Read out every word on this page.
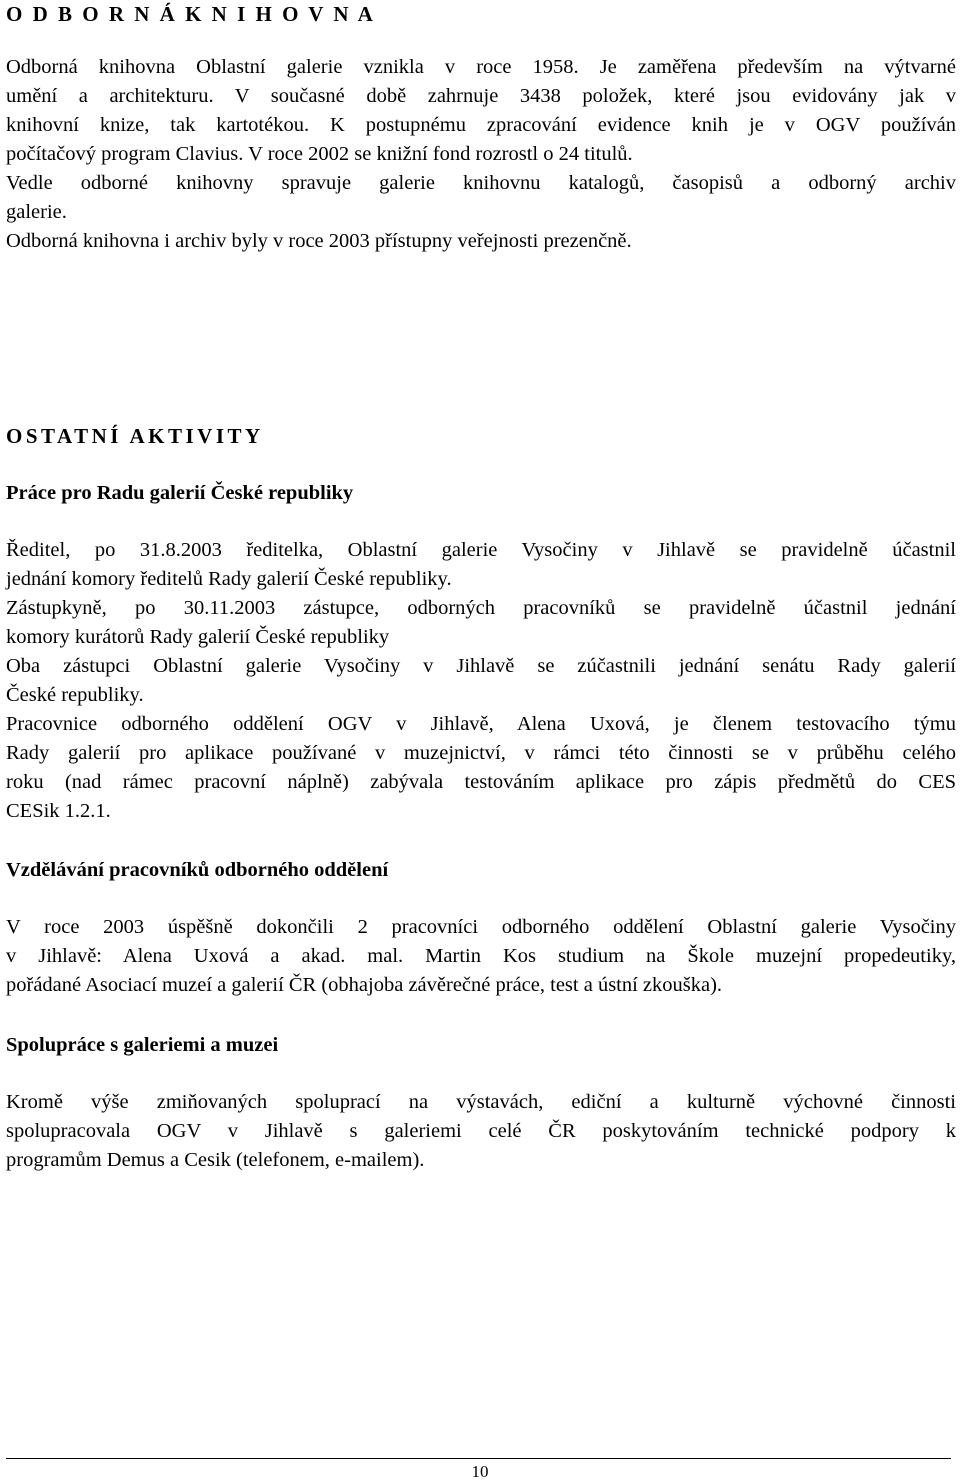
O D B O R N Á K N I H O V N A
Odborná knihovna Oblastní galerie vznikla v roce 1958. Je zaměřena především na výtvarné
umění a architekturu. V současné době zahrnuje 3438 položek, které jsou evidovány jak v
knihovní knize, tak kartotékou. K postupnému zpracování evidence knih je v OGV používán
počítačový program Clavius. V roce 2002 se knižní fond rozrostl o 24 titulů.
Vedle odborné knihovny spravuje galerie knihovnu katalogů, časopisů a odborný archiv
galerie.
Odborná knihovna i archiv byly v roce 2003 přístupny veřejnosti prezenčně.
OSTATNÍ AKTIVITY
Práce pro Radu galerií České republiky
Ředitel, po 31.8.2003 ředitelka, Oblastní galerie Vysočiny v Jihlavě se pravidelně účastnil
jednání komory ředitelů Rady galerií České republiky.
Zástupkyně, po 30.11.2003 zástupce, odborných pracovníků se pravidelně účastnil jednání
komory kurátorů Rady galerií České republiky
Oba zástupci Oblastní galerie Vysočiny v Jihlavě se zúčastnili jednání senátu Rady galerií
České republiky.
Pracovnice odborného oddělení OGV v Jihlavě, Alena Uxová, je členem testovacího týmu
Rady galerií pro aplikace používané v muzejnictví, v rámci této činnosti se v průběhu celého
roku (nad rámec pracovní náplně) zabývala testováním aplikace pro zápis předmětů do CES
CESik 1.2.1.
Vzdělávání pracovníků odborného oddělení
V roce 2003 úspěšně dokončili 2 pracovníci odborného oddělení Oblastní galerie Vysočiny
v Jihlavě: Alena Uxová a akad. mal. Martin Kos studium na Škole muzejní propedeutiky,
pořádané Asociací muzeí a galerií ČR (obhajoba závěrečné práce, test a ústní zkouška).
Spolupráce s galeriemi a muzei
Kromě výše zmiňovaných spoluprací na výstavách, ediční a kulturně výchovné činnosti
spolupracovala OGV v Jihlavě s galeriemi celé ČR poskytováním technické podpory k
programům Demus a Cesik (telefonem, e-mailem).
10
